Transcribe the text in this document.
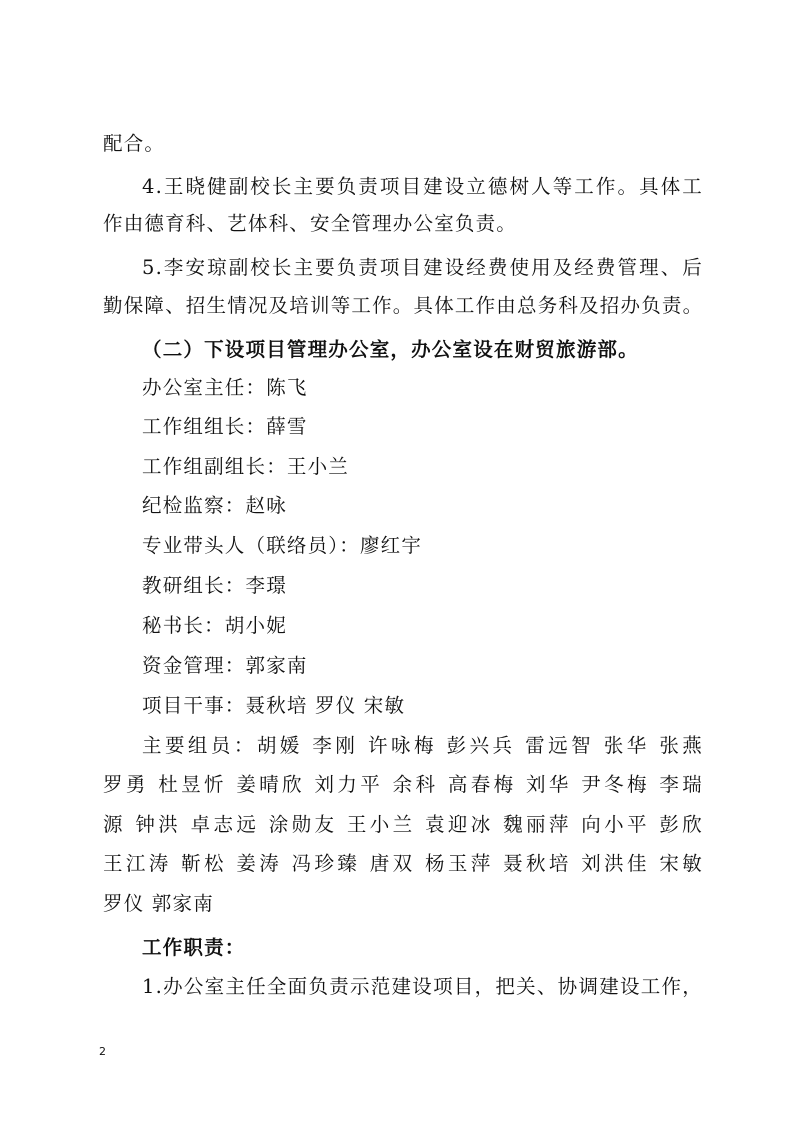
配合。
4.王晓健副校长主要负责项目建设立德树人等工作。具体工
作由德育科、艺体科、安全管理办公室负责。
5.李安琼副校长主要负责项目建设经费使用及经费管理、后
勤保障、招生情况及培训等工作。具体工作由总务科及招办负责。
（二）下设项目管理办公室，办公室设在财贸旅游部。
办公室主任：陈飞
工作组组长：薛雪
工作组副组长：王小兰
纪检监察：赵咏
专业带头人（联络员）：廖红宇
教研组长：李璟
秘书长：胡小妮
资金管理：郭家南
项目干事：聂秋培 罗仪 宋敏
主要组员：胡媛 李刚 许咏梅 彭兴兵 雷远智 张华 张燕
罗勇 杜昱忻 姜晴欣 刘力平 余科 高春梅 刘华 尹冬梅 李瑞
源 钟洪 卓志远 涂勋友 王小兰 袁迎冰 魏丽萍 向小平 彭欣
王江涛 靳松 姜涛 冯珍臻 唐双 杨玉萍 聂秋培 刘洪佳 宋敏
罗仪 郭家南
工作职责：
1.办公室主任全面负责示范建设项目，把关、协调建设工作，
2
